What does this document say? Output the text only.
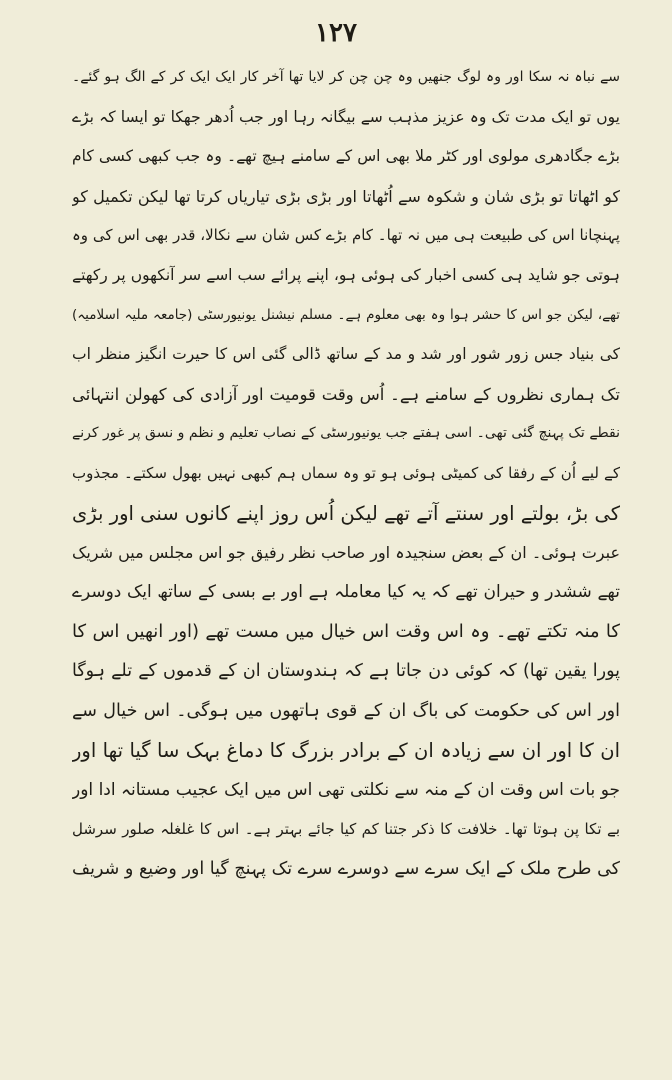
۱۲۷
سے نباہ نہ سکا اور وہ لوگ جنھیں وہ چن چن کر لایا تھا آخر کار ایک ایک کر کے الگ ہو گئے۔
یوں تو ایک مدت تک وہ عزیز مذہب سے بیگانہ رہا اور جب اُدھر جھکا تو ایسا کہ بڑے
بڑے جگادھری مولوی اور کٹر ملا بھی اس کے سامنے ہیچ تھے۔ وہ جب کبھی کسی کام
کو اٹھاتا تو بڑی شان و شکوہ سے اُٹھاتا اور بڑی بڑی تیاریاں کرتا تھا لیکن تکمیل کو
پہنچانا اس کی طبیعت ہی میں نہ تھا۔ کام بڑے کس شان سے نکالا، قدر بھی اس کی وہ
ہوتی جو شاید ہی کسی اخبار کی ہوئی ہو، اپنے پرائے سب اسے سر آنکھوں پر رکھتے
تھے، لیکن جو اس کا حشر ہوا وہ بھی معلوم ہے۔ مسلم نیشنل یونیورسٹی (جامعہ ملیہ اسلامیہ)
کی بنیاد جس زور شور اور شد و مد کے ساتھ ڈالی گئی اس کا حیرت انگیز منظر اب
تک ہماری نظروں کے سامنے ہے۔ اُس وقت قومیت اور آزادی کی کھولن انتہائی
نقطے تک پہنچ گئی تھی۔ اسی ہفتے جب یونیورسٹی کے نصاب تعلیم و نظم و نسق پر غور کرنے
کے لیے اُن کے رفقا کی کمیٹی ہوئی ہو تو وہ سماں ہم کبھی نہیں بھول سکتے۔ مجذوب
کی بڑ، بولتے اور سنتے آتے تھے لیکن اُس روز اپنے کانوں سنی اور بڑی
عبرت ہوئی۔ ان کے بعض سنجیدہ اور صاحب نظر رفیق جو اس مجلس میں شریک
تھے ششدر و حیران تھے کہ یہ کیا معاملہ ہے اور بے بسی کے ساتھ ایک دوسرے
کا منہ تکتے تھے۔ وہ اس وقت اس خیال میں مست تھے (اور انھیں اس کا
پورا یقین تھا) کہ کوئی دن جاتا ہے کہ ہندوستان ان کے قدموں کے تلے ہوگا
اور اس کی حکومت کی باگ ان کے قوی ہاتھوں میں ہوگی۔ اس خیال سے
ان کا اور ان سے زیادہ ان کے برادر بزرگ کا دماغ بہک سا گیا تھا اور
جو بات اس وقت ان کے منہ سے نکلتی تھی اس میں ایک عجیب مستانہ ادا اور
بے تکا پن ہوتا تھا۔ خلافت کا ذکر جتنا کم کیا جائے بہتر ہے۔ اس کا غلغلہ صلور سرشل
کی طرح ملک کے ایک سرے سے دوسرے سرے تک پہنچ گیا اور وضیع و شریف
